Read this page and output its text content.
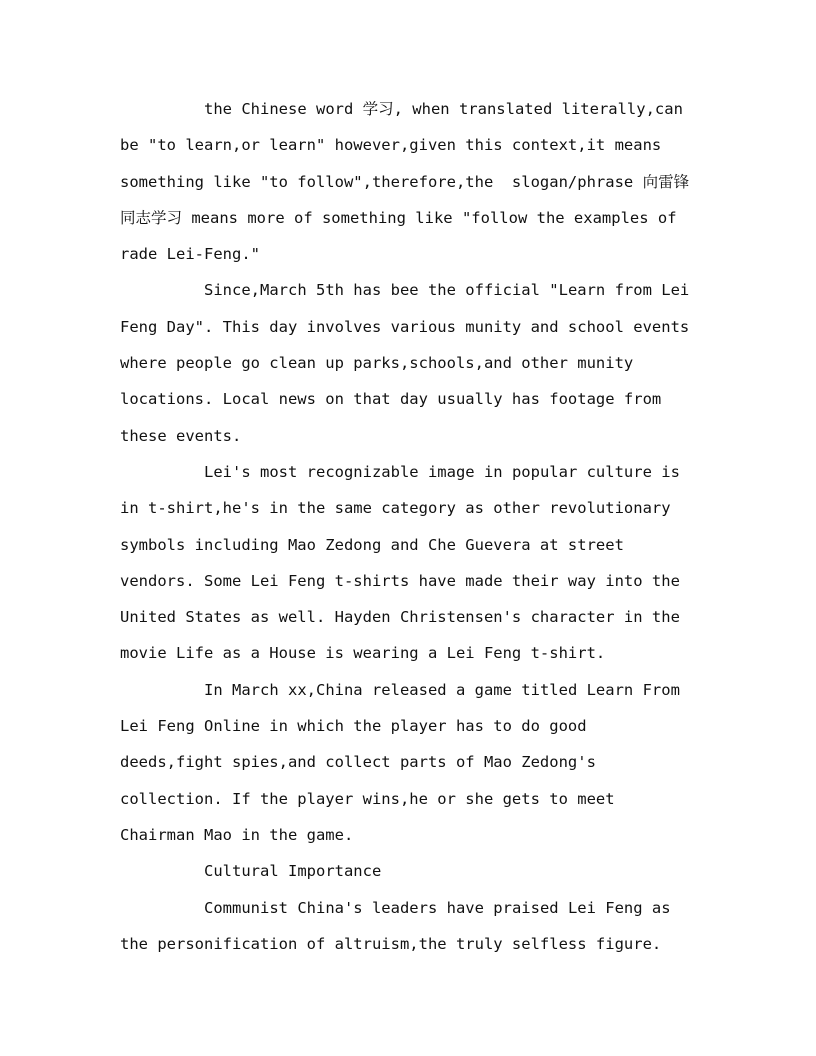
the Chinese word 学习, when translated literally,can
be "to learn,or learn" however,given this context,it means
something like "to follow",therefore,the  slogan/phrase 向雷锋
同志学习 means more of something like "follow the examples of
rade Lei-Feng."
Since,March 5th has bee the official "Learn from Lei
Feng Day". This day involves various munity and school events
where people go clean up parks,schools,and other munity
locations. Local news on that day usually has footage from
these events.
Lei's most recognizable image in popular culture is
in t-shirt,he's in the same category as other revolutionary
symbols including Mao Zedong and Che Guevera at street
vendors. Some Lei Feng t-shirts have made their way into the
United States as well. Hayden Christensen's character in the
movie Life as a House is wearing a Lei Feng t-shirt.
In March xx,China released a game titled Learn From
Lei Feng Online in which the player has to do good
deeds,fight spies,and collect parts of Mao Zedong's
collection. If the player wins,he or she gets to meet
Chairman Mao in the game.
Cultural Importance
Communist China's leaders have praised Lei Feng as
the personification of altruism,the truly selfless figure.
